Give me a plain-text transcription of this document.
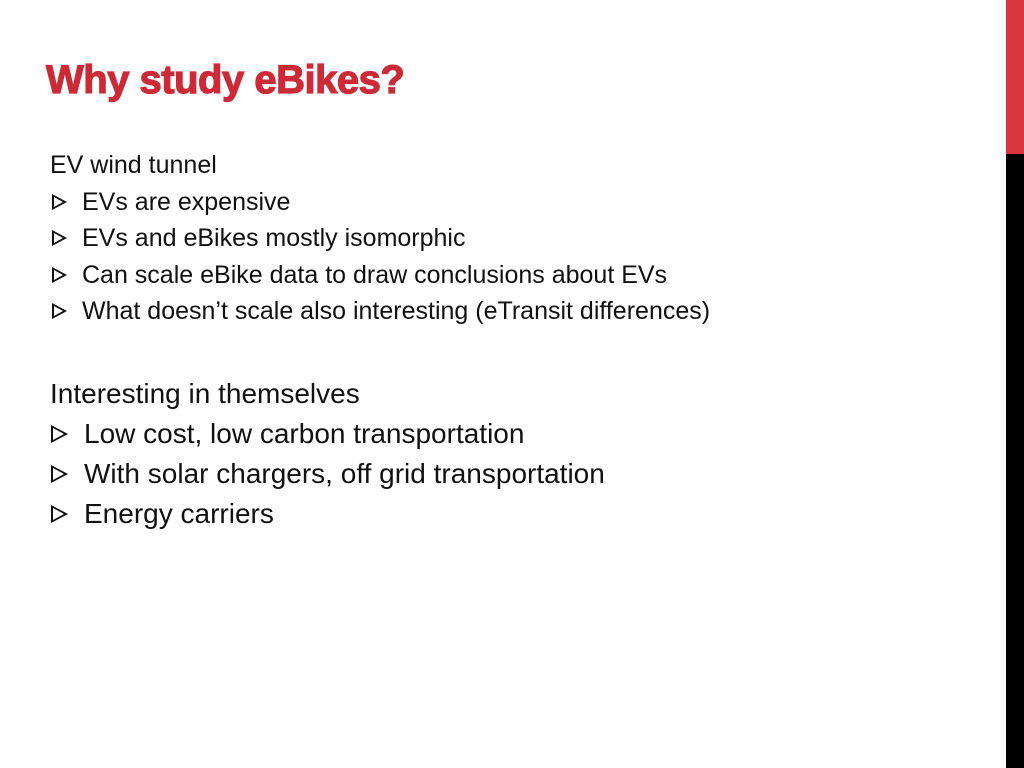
Why study eBikes?
EV wind tunnel
EVs are expensive
EVs and eBikes mostly isomorphic
Can scale eBike data to draw conclusions about EVs
What doesn’t scale also interesting (eTransit differences)
Interesting in themselves
Low cost, low carbon transportation
With solar chargers, off grid transportation
Energy carriers
